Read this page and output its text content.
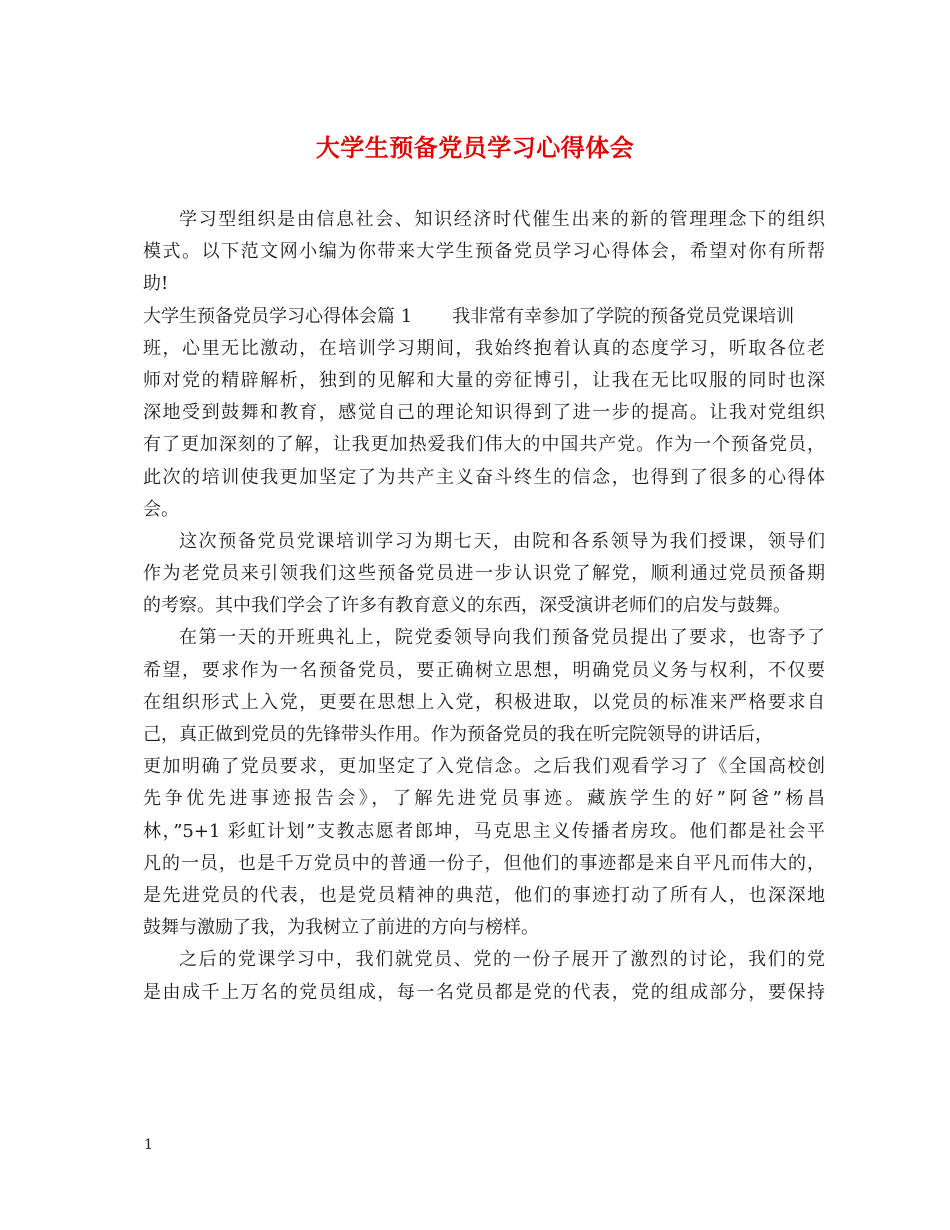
大学生预备党员学习心得体会
学习型组织是由信息社会、知识经济时代催生出来的新的管理理念下的组织
模式。以下范文网小编为你带来大学生预备党员学习心得体会，希望对你有所帮
助!
大学生预备党员学习心得体会篇 1 我非常有幸参加了学院的预备党员党课培训
班，心里无比激动，在培训学习期间，我始终抱着认真的态度学习，听取各位老
师对党的精辟解析，独到的见解和大量的旁征博引，让我在无比叹服的同时也深
深地受到鼓舞和教育，感觉自己的理论知识得到了进一步的提高。让我对党组织
有了更加深刻的了解，让我更加热爱我们伟大的中国共产党。作为一个预备党员，
此次的培训使我更加坚定了为共产主义奋斗终生的信念，也得到了很多的心得体
会。
这次预备党员党课培训学习为期七天，由院和各系领导为我们授课，领导们
作为老党员来引领我们这些预备党员进一步认识党了解党，顺利通过党员预备期
的考察。其中我们学会了许多有教育意义的东西，深受演讲老师们的启发与鼓舞。
在第一天的开班典礼上，院党委领导向我们预备党员提出了要求，也寄予了
希望，要求作为一名预备党员，要正确树立思想，明确党员义务与权利，不仅要
在组织形式上入党，更要在思想上入党，积极进取，以党员的标准来严格要求自
己，真正做到党员的先锋带头作用。作为预备党员的我在听完院领导的讲话后，
更加明确了党员要求，更加坚定了入党信念。之后我们观看学习了《全国高校创
先争优先进事迹报告会》，了解先进党员事迹。藏族学生的好”阿爸”杨昌
林，”5+1 彩虹计划”支教志愿者郎坤，马克思主义传播者房玫。他们都是社会平
凡的一员，也是千万党员中的普通一份子，但他们的事迹都是来自平凡而伟大的，
是先进党员的代表，也是党员精神的典范，他们的事迹打动了所有人，也深深地
鼓舞与激励了我，为我树立了前进的方向与榜样。
之后的党课学习中，我们就党员、党的一份子展开了激烈的讨论，我们的党
是由成千上万名的党员组成，每一名党员都是党的代表，党的组成部分，要保持
1
